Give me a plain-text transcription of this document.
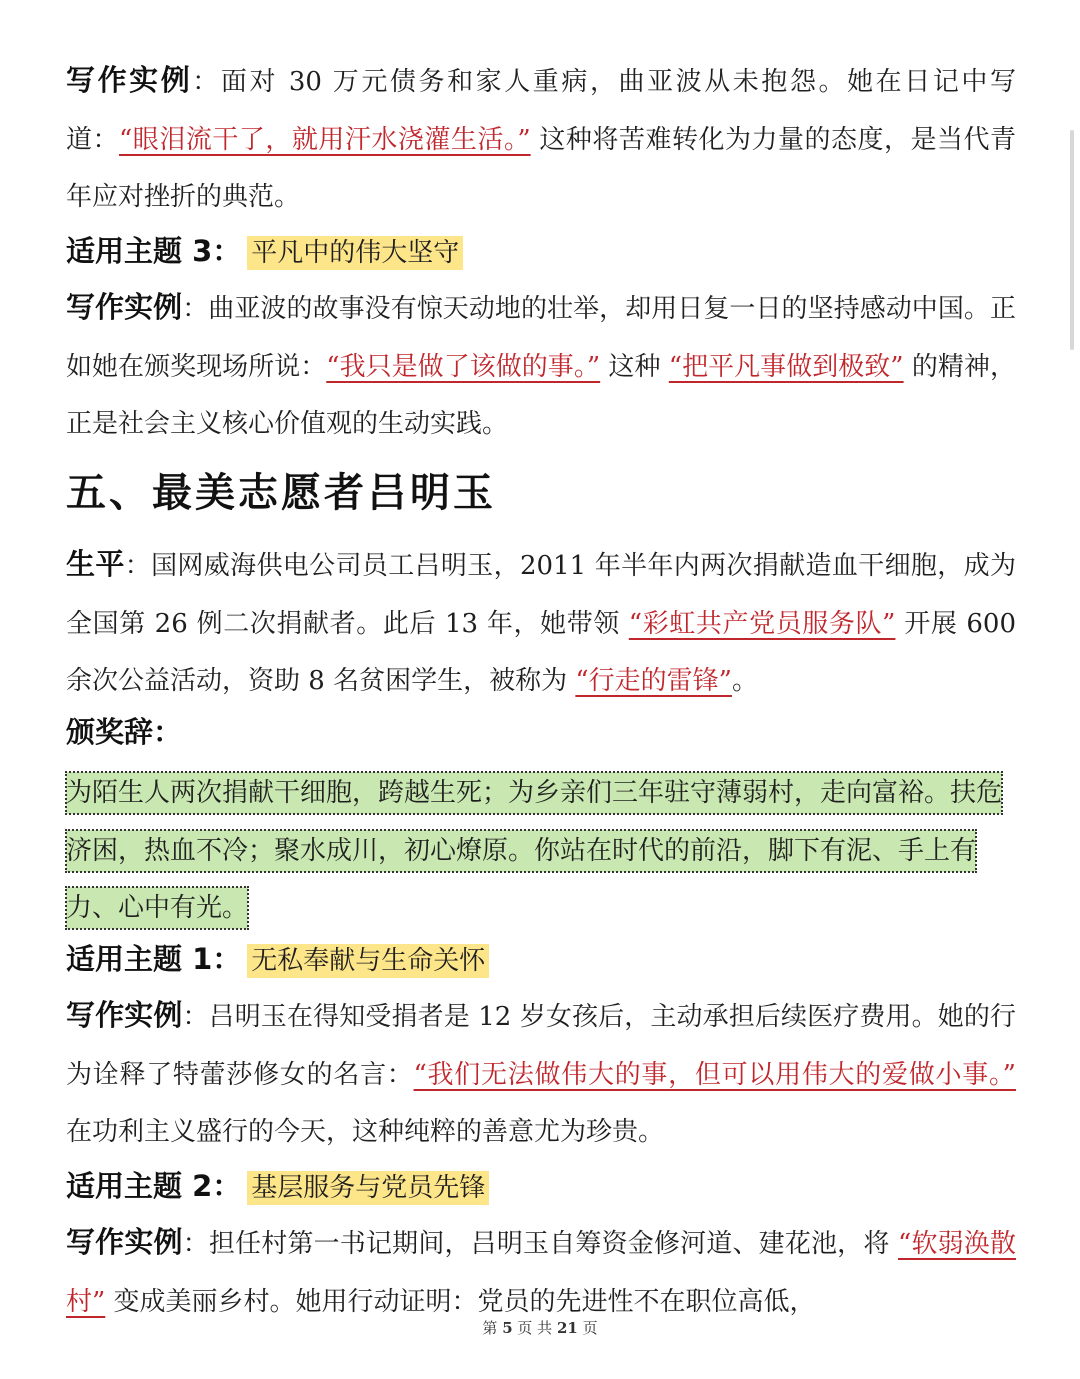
写作实例：面对 30 万元债务和家人重病，曲亚波从未抱怨。她在日记中写道：“眼泪流干了，就用汗水浇灌生活。” 这种将苦难转化为力量的态度，是当代青年应对挫折的典范。

适用主题 3： 平凡中的伟大坚守

写作实例：曲亚波的故事没有惊天动地的壮举，却用日复一日的坚持感动中国。正如她在颁奖现场所说：“我只是做了该做的事。” 这种 “把平凡事做到极致” 的精神，正是社会主义核心价值观的生动实践。

五、最美志愿者吕明玉

生平：国网威海供电公司员工吕明玉，2011 年半年内两次捐献造血干细胞，成为全国第 26 例二次捐献者。此后 13 年，她带领 “彩虹共产党员服务队” 开展 600 余次公益活动，资助 8 名贫困学生，被称为 “行走的雷锋”。

颁奖辞：

为陌生人两次捐献干细胞，跨越生死；为乡亲们三年驻守薄弱村，走向富裕。扶危济困，热血不冷；聚水成川，初心燎原。你站在时代的前沿，脚下有泥、手上有力、心中有光。

适用主题 1： 无私奉献与生命关怀

写作实例：吕明玉在得知受捐者是 12 岁女孩后，主动承担后续医疗费用。她的行为诠释了特蕾莎修女的名言：“我们无法做伟大的事，但可以用伟大的爱做小事。” 在功利主义盛行的今天，这种纯粹的善意尤为珍贵。

适用主题 2： 基层服务与党员先锋

写作实例：担任村第一书记期间，吕明玉自筹资金修河道、建花池，将 “软弱涣散村” 变成美丽乡村。她用行动证明：党员的先进性不在职位高低，

第 5 页 共 21 页
